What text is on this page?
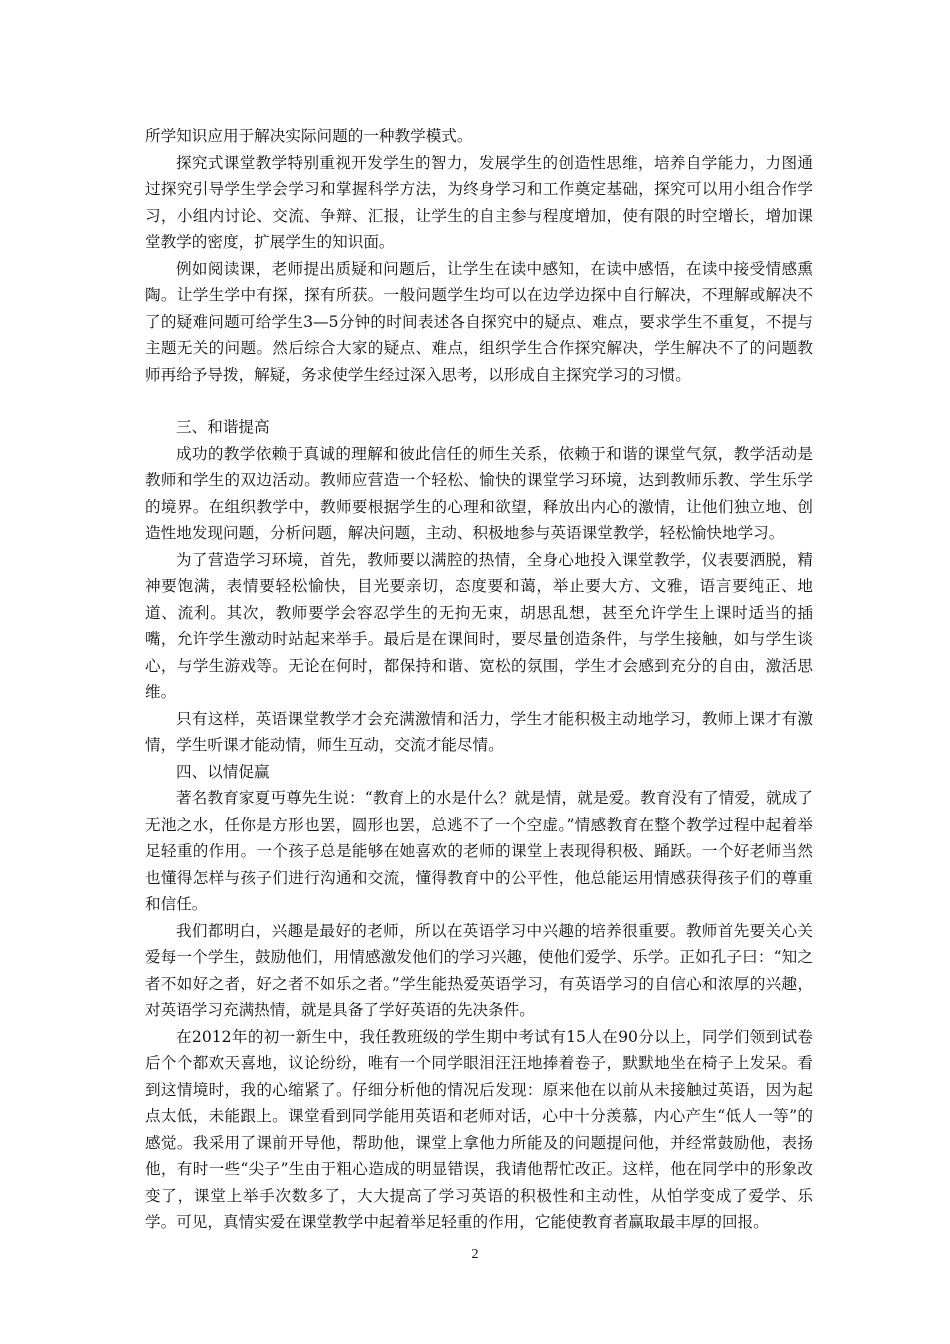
所学知识应用于解决实际问题的一种教学模式。

探究式课堂教学特别重视开发学生的智力，发展学生的创造性思维，培养自学能力，力图通过探究引导学生学会学习和掌握科学方法，为终身学习和工作奠定基础，探究可以用小组合作学习，小组内讨论、交流、争辩、汇报，让学生的自主参与程度增加，使有限的时空增长，增加课堂教学的密度，扩展学生的知识面。

例如阅读课，老师提出质疑和问题后，让学生在读中感知，在读中感悟，在读中接受情感熏陶。让学生学中有探，探有所获。一般问题学生均可以在边学边探中自行解决，不理解或解决不了的疑难问题可给学生3—5分钟的时间表述各自探究中的疑点、难点，要求学生不重复，不提与主题无关的问题。然后综合大家的疑点、难点，组织学生合作探究解决，学生解决不了的问题教师再给予导拨，解疑，务求使学生经过深入思考，以形成自主探究学习的习惯。

三、和谐提高

成功的教学依赖于真诚的理解和彼此信任的师生关系，依赖于和谐的课堂气氛，教学活动是教师和学生的双边活动。教师应营造一个轻松、愉快的课堂学习环境，达到教师乐教、学生乐学的境界。在组织教学中，教师要根据学生的心理和欲望，释放出内心的激情，让他们独立地、创造性地发现问题，分析问题，解决问题，主动、积极地参与英语课堂教学，轻松愉快地学习。

为了营造学习环境，首先，教师要以满腔的热情，全身心地投入课堂教学，仪表要洒脱，精神要饱满，表情要轻松愉快，目光要亲切，态度要和蔼，举止要大方、文雅，语言要纯正、地道、流利。其次，教师要学会容忍学生的无拘无束，胡思乱想，甚至允许学生上课时适当的插嘴，允许学生激动时站起来举手。最后是在课间时，要尽量创造条件，与学生接触，如与学生谈心，与学生游戏等。无论在何时，都保持和谐、宽松的氛围，学生才会感到充分的自由，激活思维。

只有这样，英语课堂教学才会充满激情和活力，学生才能积极主动地学习，教师上课才有激情，学生听课才能动情，师生互动，交流才能尽情。

四、以情促赢

著名教育家夏丏尊先生说：“教育上的水是什么？就是情，就是爱。教育没有了情爱，就成了无池之水，任你是方形也罢，圆形也罢，总逃不了一个空虚。”情感教育在整个教学过程中起着举足轻重的作用。一个孩子总是能够在她喜欢的老师的课堂上表现得积极、踊跃。一个好老师当然也懂得怎样与孩子们进行沟通和交流，懂得教育中的公平性，他总能运用情感获得孩子们的尊重和信任。

我们都明白，兴趣是最好的老师，所以在英语学习中兴趣的培养很重要。教师首先要关心关爱每一个学生，鼓励他们，用情感激发他们的学习兴趣，使他们爱学、乐学。正如孔子曰：“知之者不如好之者，好之者不如乐之者。”学生能热爱英语学习，有英语学习的自信心和浓厚的兴趣，对英语学习充满热情，就是具备了学好英语的先决条件。

在2012年的初一新生中，我任教班级的学生期中考试有15人在90分以上，同学们领到试卷后个个都欢天喜地，议论纷纷，唯有一个同学眼泪汪汪地捧着卷子，默默地坐在椅子上发呆。看到这情境时，我的心缩紧了。仔细分析他的情况后发现：原来他在以前从未接触过英语，因为起点太低，未能跟上。课堂看到同学能用英语和老师对话，心中十分羡慕，内心产生“低人一等”的感觉。我采用了课前开导他，帮助他，课堂上拿他力所能及的问题提问他，并经常鼓励他，表扬他，有时一些“尖子”生由于粗心造成的明显错误，我请他帮忙改正。这样，他在同学中的形象改变了，课堂上举手次数多了，大大提高了学习英语的积极性和主动性，从怕学变成了爱学、乐学。可见，真情实爱在课堂教学中起着举足轻重的作用，它能使教育者赢取最丰厚的回报。

2
